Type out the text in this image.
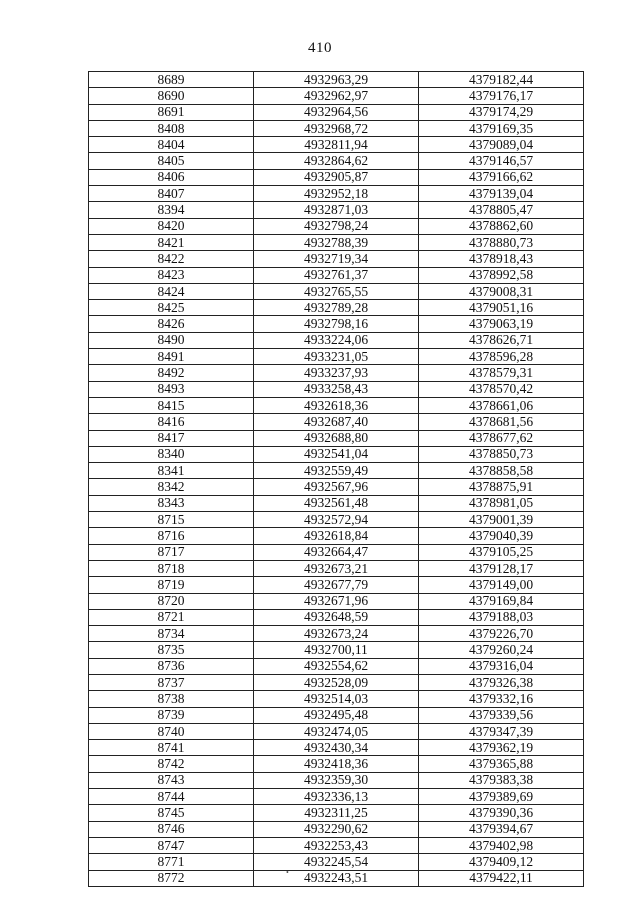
410
8689	4932963,29	4379182,44
8690	4932962,97	4379176,17
8691	4932964,56	4379174,29
8408	4932968,72	4379169,35
8404	4932811,94	4379089,04
8405	4932864,62	4379146,57
8406	4932905,87	4379166,62
8407	4932952,18	4379139,04
8394	4932871,03	4378805,47
8420	4932798,24	4378862,60
8421	4932788,39	4378880,73
8422	4932719,34	4378918,43
8423	4932761,37	4378992,58
8424	4932765,55	4379008,31
8425	4932789,28	4379051,16
8426	4932798,16	4379063,19
8490	4933224,06	4378626,71
8491	4933231,05	4378596,28
8492	4933237,93	4378579,31
8493	4933258,43	4378570,42
8415	4932618,36	4378661,06
8416	4932687,40	4378681,56
8417	4932688,80	4378677,62
8340	4932541,04	4378850,73
8341	4932559,49	4378858,58
8342	4932567,96	4378875,91
8343	4932561,48	4378981,05
8715	4932572,94	4379001,39
8716	4932618,84	4379040,39
8717	4932664,47	4379105,25
8718	4932673,21	4379128,17
8719	4932677,79	4379149,00
8720	4932671,96	4379169,84
8721	4932648,59	4379188,03
8734	4932673,24	4379226,70
8735	4932700,11	4379260,24
8736	4932554,62	4379316,04
8737	4932528,09	4379326,38
8738	4932514,03	4379332,16
8739	4932495,48	4379339,56
8740	4932474,05	4379347,39
8741	4932430,34	4379362,19
8742	4932418,36	4379365,88
8743	4932359,30	4379383,38
8744	4932336,13	4379389,69
8745	4932311,25	4379390,36
8746	4932290,62	4379394,67
8747	4932253,43	4379402,98
8771	4932245,54	4379409,12
8772	4932243,51	4379422,11
•
